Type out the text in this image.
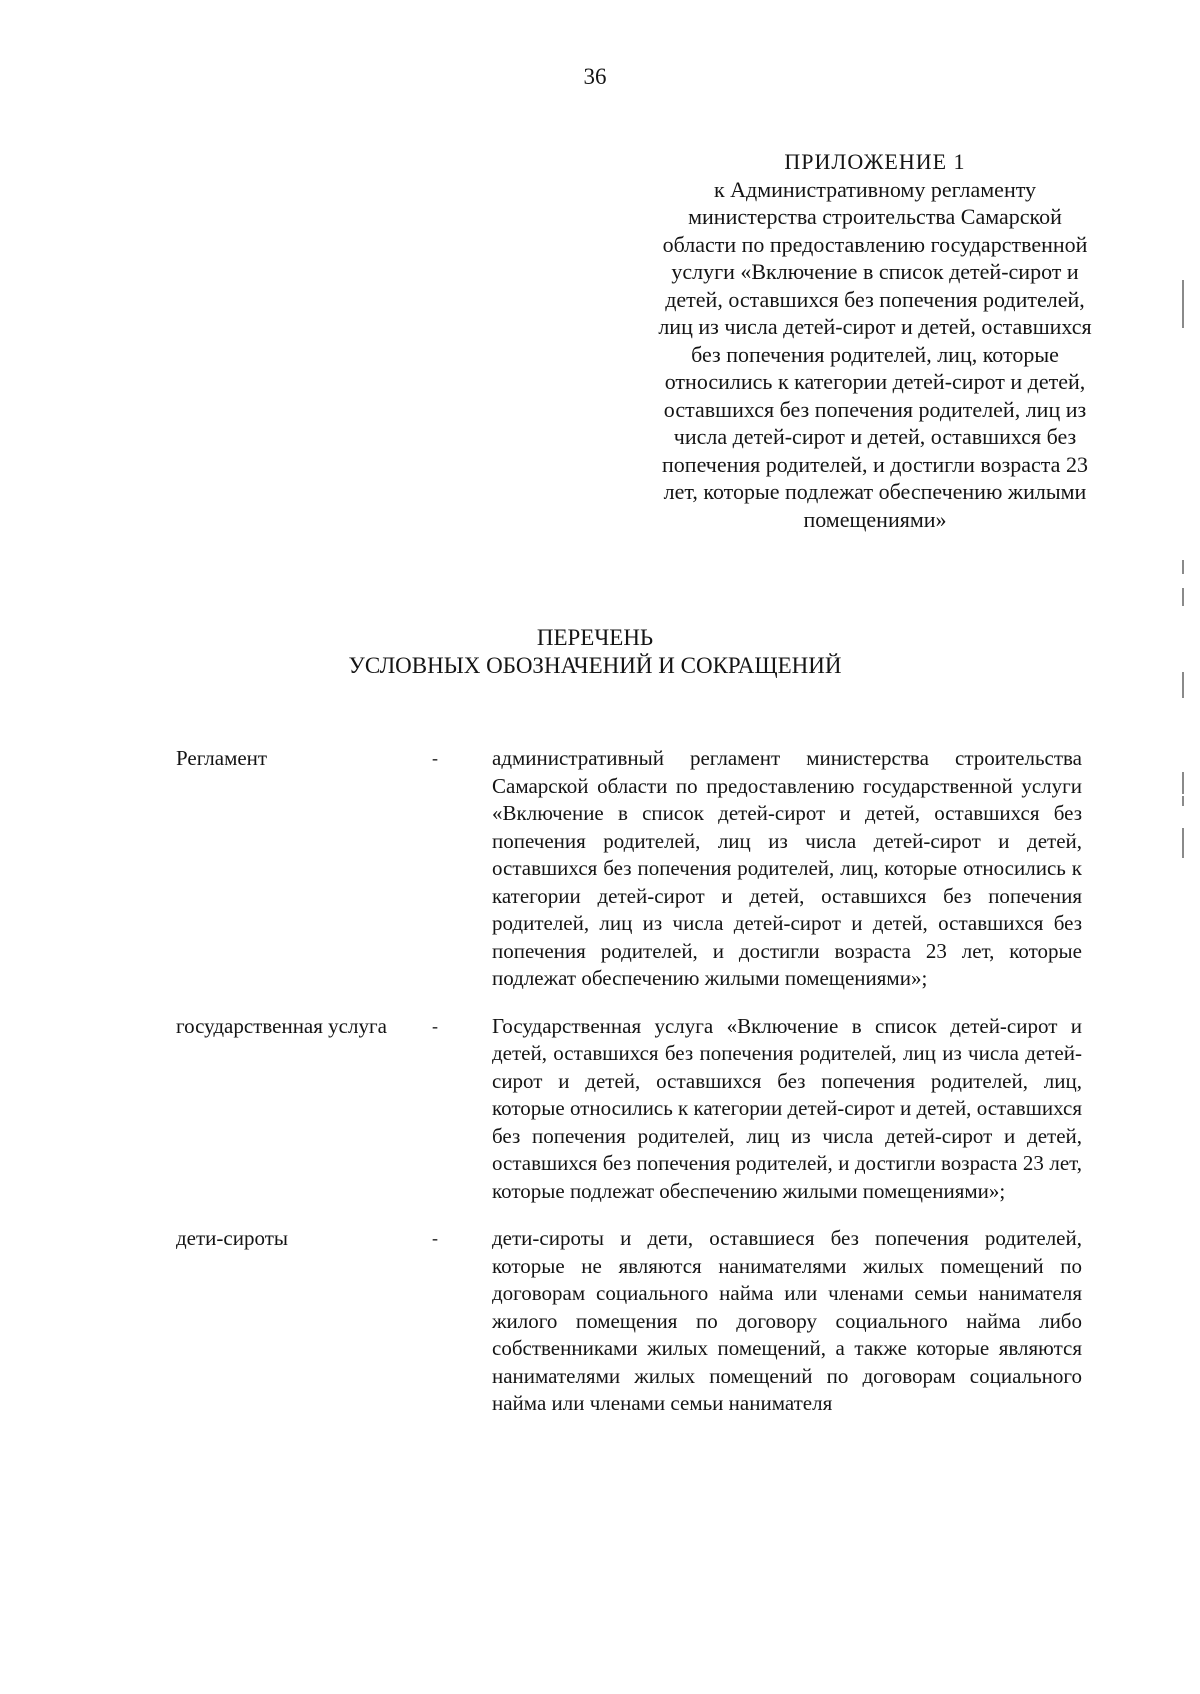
36
ПРИЛОЖЕНИЕ 1
к Административному регламенту министерства строительства Самарской области по предоставлению государственной услуги «Включение в список детей-сирот и детей, оставшихся без попечения родителей, лиц из числа детей-сирот и детей, оставшихся без попечения родителей, лиц, которые относились к категории детей-сирот и детей, оставшихся без попечения родителей, лиц из числа детей-сирот и детей, оставшихся без попечения родителей, и достигли возраста 23 лет, которые подлежат обеспечению жилыми помещениями»
ПЕРЕЧЕНЬ
УСЛОВНЫХ ОБОЗНАЧЕНИЙ И СОКРАЩЕНИЙ
Регламент	-	административный регламент министерства строительства Самарской области по предоставлению государственной услуги «Включение в список детей-сирот и детей, оставшихся без попечения родителей, лиц из числа детей-сирот и детей, оставшихся без попечения родителей, лиц, которые относились к категории детей-сирот и детей, оставшихся без попечения родителей, лиц из числа детей-сирот и детей, оставшихся без попечения родителей, и достигли возраста 23 лет, которые подлежат обеспечению жилыми помещениями»;
государственная услуга	-	Государственная услуга «Включение в список детей-сирот и детей, оставшихся без попечения родителей, лиц из числа детей-сирот и детей, оставшихся без попечения родителей, лиц, которые относились к категории детей-сирот и детей, оставшихся без попечения родителей, лиц из числа детей-сирот и детей, оставшихся без попечения родителей, и достигли возраста 23 лет, которые подлежат обеспечению жилыми помещениями»;
дети-сироты	-	дети-сироты и дети, оставшиеся без попечения родителей, которые не являются нанимателями жилых помещений по договорам социального найма или членами семьи нанимателя жилого помещения по договору социального найма либо собственниками жилых помещений, а также которые являются нанимателями жилых помещений по договорам социального найма или членами семьи нанимателя
